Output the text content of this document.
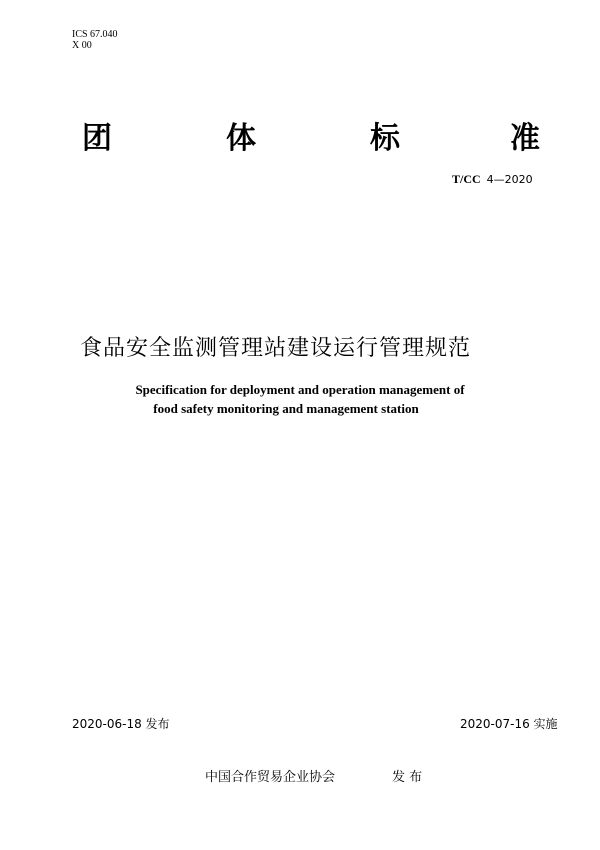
ICS 67.040
X 00
团	体	标	准
T/CC 4—2020
食品安全监测管理站建设运行管理规范
Specification for deployment and operation management of
food safety monitoring and management station
2020-06-18 发布	2020-07-16 实施
中国合作贸易企业协会	发 布
